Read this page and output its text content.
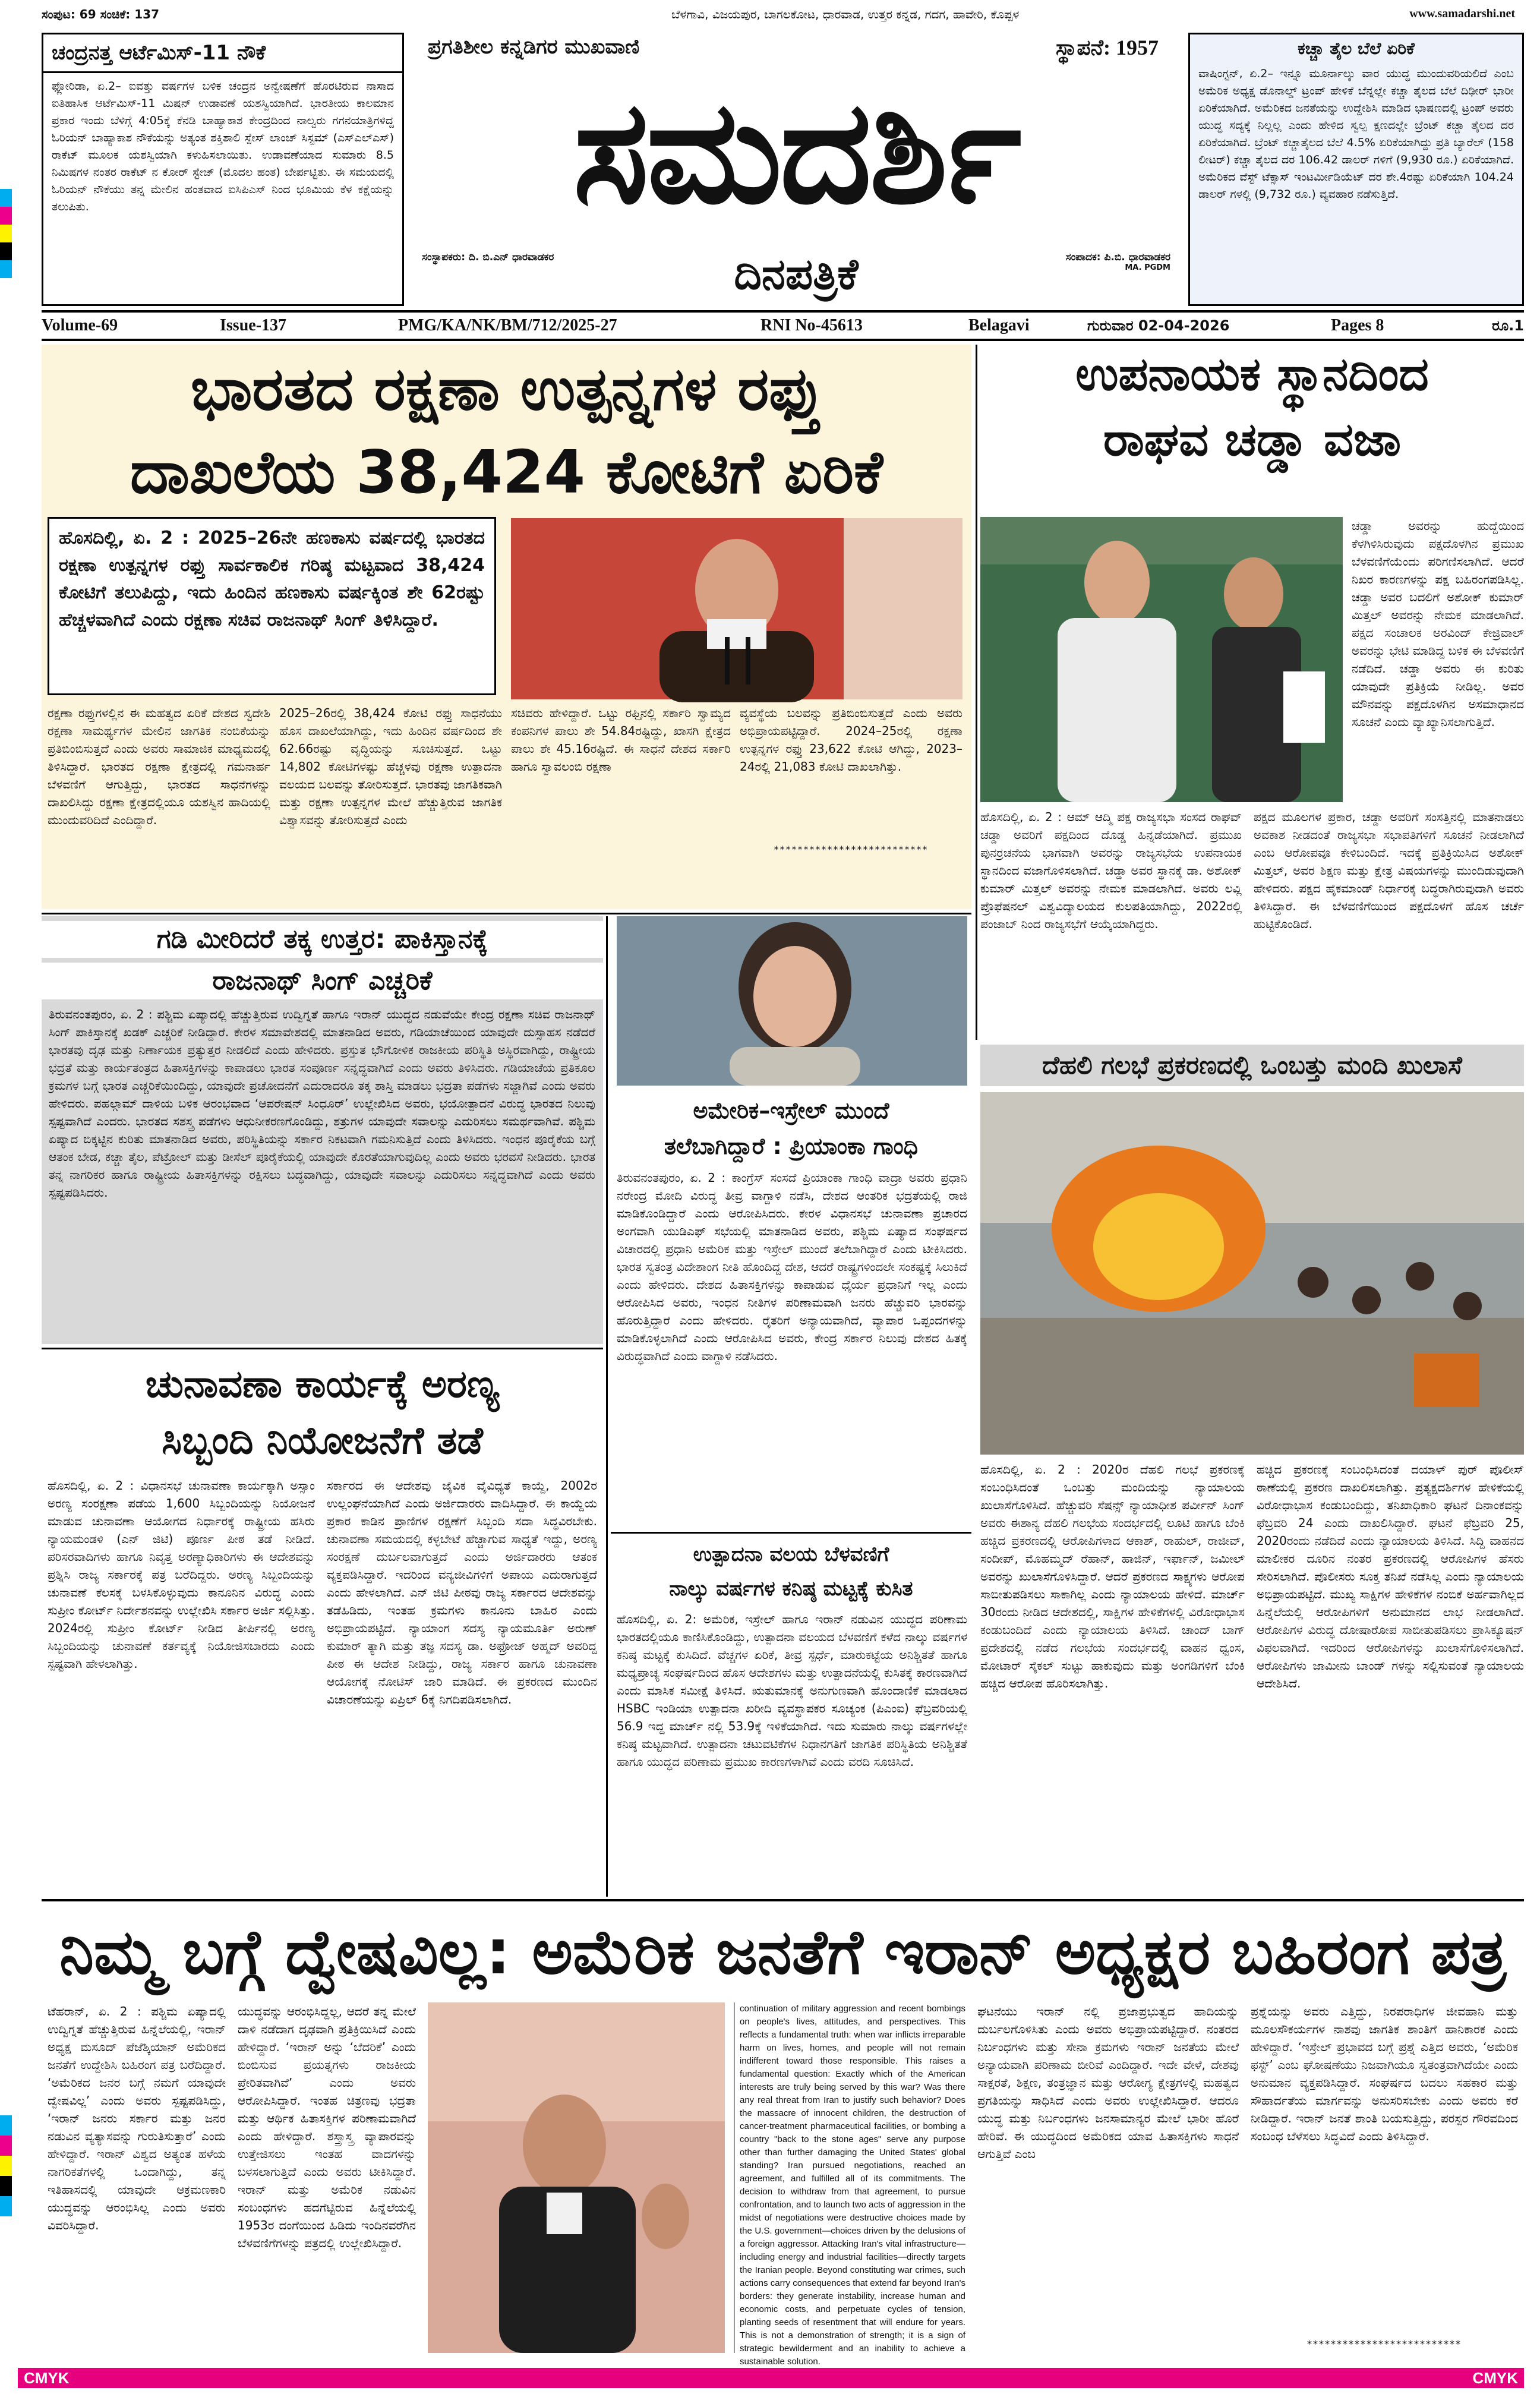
ಸಂಪುಟ: 69 ಸಂಚಿಕೆ: 137	ಬೆಳಗಾವಿ, ವಿಜಯಪುರ, ಬಾಗಲಕೋಟ, ಧಾರವಾಡ, ಉತ್ತರ ಕನ್ನಡ, ಗದಗ, ಹಾವೇರಿ, ಕೊಪ್ಪಳ	www.samadarshi.net
ಚಂದ್ರನತ್ತ ಆರ್ಟೆಮಿಸ್-11 ನೌಕೆ
ಫ್ಲೋರಿಡಾ, ಏ.2– ಐವತ್ತು ವರ್ಷಗಳ ಬಳಿಕ ಚಂದ್ರನ ಅನ್ವೇಷಣೆಗೆ ಹೊರಟಿರುವ ನಾಸಾದ ಐತಿಹಾಸಿಕ ಆರ್ಟೆಮಿಸ್-11 ಮಿಷನ್ ಉಡಾವಣೆ ಯಶಸ್ವಿಯಾಗಿದೆ. ಭಾರತೀಯ ಕಾಲಮಾನ ಪ್ರಕಾರ ಇಂದು ಬೆಳಿಗ್ಗೆ 4:05ಕ್ಕೆ ಕೆನಡಿ ಬಾಹ್ಯಾಕಾಶ ಕೇಂದ್ರದಿಂದ ನಾಲ್ವರು ಗಗನಯಾತ್ರಿಗಳಿದ್ದ ಓರಿಯನ್ ಬಾಹ್ಯಾಕಾಶ ನೌಕೆಯನ್ನು ಅತ್ಯಂತ ಶಕ್ತಿಶಾಲಿ ಸ್ಪೇಸ್ ಲಾಂಚ್ ಸಿಸ್ಟಮ್ (ಎಸ್ಎಲ್ಎಸ್) ರಾಕೆಟ್ ಮೂಲಕ ಯಶಸ್ವಿಯಾಗಿ ಕಳುಹಿಸಲಾಯಿತು. ಉಡಾವಣೆಯಾದ ಸುಮಾರು 8.5 ನಿಮಿಷಗಳ ನಂತರ ರಾಕೆಟ್ ನ ಕೋರ್ ಸ್ಟೇಜ್ (ಮೊದಲ ಹಂತ) ಬೇರ್ಪಟ್ಟಿತು. ಈ ಸಮಯದಲ್ಲಿ ಓರಿಯನ್ ನೌಕೆಯು ತನ್ನ ಮೇಲಿನ ಹಂತವಾದ ಐಸಿಪಿಎಸ್ ನಿಂದ ಭೂಮಿಯ ಕೆಳ ಕಕ್ಷೆಯನ್ನು ತಲುಪಿತು.
ಪ್ರಗತಿಶೀಲ ಕನ್ನಡಿಗರ ಮುಖವಾಣಿ	ಸ್ಥಾಪನೆ: 1957
ಸಮದರ್ಶಿ
ಸಂಸ್ಥಾಪಕರು: ದಿ. ಬಿ.ಎನ್ ಧಾರವಾಡಕರ	ದಿನಪತ್ರಿಕೆ	ಸಂಪಾದಕ: ಪಿ.ಬಿ. ಧಾರವಾಡಕರ
MA. PGDM
ಕಚ್ಚಾ ತೈಲ ಬೆಲೆ ಏರಿಕೆ
ವಾಷಿಂಗ್ಟನ್, ಏ.2– ಇನ್ನೂ ಮೂರ್ನಾಲ್ಕು ವಾರ ಯುದ್ಧ ಮುಂದುವರಿಯಲಿದೆ ಎಂಬ ಅಮೆರಿಕ ಅಧ್ಯಕ್ಷ ಡೊನಾಲ್ಡ್ ಟ್ರಂಪ್ ಹೇಳಿಕೆ ಬೆನ್ನಲ್ಲೇ ಕಚ್ಚಾ ತೈಲದ ಬೆಲೆ ದಿಢೀರ್ ಭಾರೀ ಏರಿಕೆಯಾಗಿದೆ. ಅಮೆರಿಕದ ಜನತೆಯನ್ನು ಉದ್ದೇಶಿಸಿ ಮಾಡಿದ ಭಾಷಣದಲ್ಲಿ ಟ್ರಂಪ್ ಅವರು ಯುದ್ಧ ಸದ್ಯಕ್ಕೆ ನಿಲ್ಲಲ್ಲ ಎಂದು ಹೇಳಿದ ಸ್ವಲ್ಪ ಕ್ಷಣದಲ್ಲೇ ಬ್ರೆಂಟ್ ಕಚ್ಚಾ ತೈಲದ ದರ ಏರಿಕೆಯಾಗಿದೆ. ಬ್ರೆಂಟ್ ಕಚ್ಚಾತೈಲದ ಬೆಲೆ 4.5% ಏರಿಕೆಯಾಗಿದ್ದು ಪ್ರತಿ ಬ್ಯಾರೆಲ್ (158 ಲೀಟರ್) ಕಚ್ಚಾ ತೈಲದ ದರ 106.42 ಡಾಲರ್ ಗಳಿಗೆ (9,930 ರೂ.) ಏರಿಕೆಯಾಗಿದೆ. ಅಮೆರಿಕದ ವೆಸ್ಟ್ ಟೆಕ್ಸಾಸ್ ಇಂಟರ್ಮೀಡಿಯೆಟ್ ದರ ಶೇ.4ರಷ್ಟು ಏರಿಕೆಯಾಗಿ 104.24 ಡಾಲರ್ ಗಳಲ್ಲಿ (9,732 ರೂ.) ವ್ಯವಹಾರ ನಡೆಸುತ್ತಿದೆ.
Volume-69	Issue-137	PMG/KA/NK/BM/712/2025-27	RNI No-45613	Belagavi	ಗುರುವಾರ 02-04-2026	Pages 8	ರೂ.1
ಭಾರತದ ರಕ್ಷಣಾ ಉತ್ಪನ್ನಗಳ ರಫ್ತು
ದಾಖಲೆಯ 38,424 ಕೋಟಿಗೆ ಏರಿಕೆ
ಹೊಸದಿಲ್ಲಿ, ಏ. 2 : 2025–26ನೇ ಹಣಕಾಸು ವರ್ಷದಲ್ಲಿ ಭಾರತದ ರಕ್ಷಣಾ ಉತ್ಪನ್ನಗಳ ರಫ್ತು ಸಾರ್ವಕಾಲಿಕ ಗರಿಷ್ಠ ಮಟ್ಟವಾದ 38,424 ಕೋಟಿಗೆ ತಲುಪಿದ್ದು, ಇದು ಹಿಂದಿನ ಹಣಕಾಸು ವರ್ಷಕ್ಕಿಂತ ಶೇ 62ರಷ್ಟು ಹೆಚ್ಚಳವಾಗಿದೆ ಎಂದು ರಕ್ಷಣಾ ಸಚಿವ ರಾಜನಾಥ್ ಸಿಂಗ್ ತಿಳಿಸಿದ್ದಾರೆ.
ರಕ್ಷಣಾ ರಫ್ತುಗಳಲ್ಲಿನ ಈ ಮಹತ್ವದ ಏರಿಕೆ ದೇಶದ ಸ್ವದೇಶಿ ರಕ್ಷಣಾ ಸಾಮರ್ಥ್ಯಗಳ ಮೇಲಿನ ಜಾಗತಿಕ ನಂಬಿಕೆಯನ್ನು ಪ್ರತಿಬಿಂಬಿಸುತ್ತದೆ ಎಂದು ಅವರು ಸಾಮಾಜಿಕ ಮಾಧ್ಯಮದಲ್ಲಿ ತಿಳಿಸಿದ್ದಾರೆ. ಭಾರತದ ರಕ್ಷಣಾ ಕ್ಷೇತ್ರದಲ್ಲಿ ಗಮನಾರ್ಹ ಬೆಳವಣಿಗೆ ಆಗುತ್ತಿದ್ದು, ಭಾರತದ ಸಾಧನೆಗಳನ್ನು ದಾಖಲಿಸಿದ್ದು ರಕ್ಷಣಾ ಕ್ಷೇತ್ರದಲ್ಲಿಯೂ ಯಶಸ್ವಿನ ಹಾದಿಯಲ್ಲಿ ಮುಂದುವರಿದಿದೆ ಎಂದಿದ್ದಾರೆ.
2025–26ರಲ್ಲಿ 38,424 ಕೋಟಿ ರಫ್ತು ಸಾಧನೆಯು ಹೊಸ ದಾಖಲೆಯಾಗಿದ್ದು, ಇದು ಹಿಂದಿನ ವರ್ಷದಿಂದ ಶೇ 62.66ರಷ್ಟು ವೃದ್ಧಿಯನ್ನು ಸೂಚಿಸುತ್ತದೆ. ಒಟ್ಟು 14,802 ಕೋಟಿಗಳಷ್ಟು ಹೆಚ್ಚಳವು ರಕ್ಷಣಾ ಉತ್ಪಾದನಾ ವಲಯದ ಬಲವನ್ನು ತೋರಿಸುತ್ತದೆ. ಭಾರತವು ಜಾಗತಿಕವಾಗಿ ಮತ್ತು ರಕ್ಷಣಾ ಉತ್ಪನ್ನಗಳ ಮೇಲೆ ಹೆಚ್ಚುತ್ತಿರುವ ಜಾಗತಿಕ ವಿಶ್ವಾಸವನ್ನು ತೋರಿಸುತ್ತದೆ ಎಂದು
ಸಚಿವರು ಹೇಳಿದ್ದಾರೆ. ಒಟ್ಟು ರಫ್ತಿನಲ್ಲಿ ಸರ್ಕಾರಿ ಸ್ವಾಮ್ಯದ ಕಂಪನಿಗಳ ಪಾಲು ಶೇ 54.84ರಷ್ಟಿದ್ದು, ಖಾಸಗಿ ಕ್ಷೇತ್ರದ ಪಾಲು ಶೇ 45.16ರಷ್ಟಿದೆ. ಈ ಸಾಧನೆ ದೇಶದ ಸರ್ಕಾರಿ ಹಾಗೂ ಸ್ವಾವಲಂಬಿ ರಕ್ಷಣಾ
ವ್ಯವಸ್ಥೆಯ ಬಲವನ್ನು ಪ್ರತಿಬಿಂಬಿಸುತ್ತದೆ ಎಂದು ಅವರು ಅಭಿಪ್ರಾಯಪಟ್ಟಿದ್ದಾರೆ. 2024–25ರಲ್ಲಿ ರಕ್ಷಣಾ ಉತ್ಪನ್ನಗಳ ರಫ್ತು 23,622 ಕೋಟಿ ಆಗಿದ್ದು, 2023–24ರಲ್ಲಿ 21,083 ಕೋಟಿ ದಾಖಲಾಗಿತ್ತು.
**************************
ಉಪನಾಯಕ ಸ್ಥಾನದಿಂದ
ರಾಘವ ಚಡ್ಡಾ ವಜಾ
ಚಡ್ಡಾ ಅವರನ್ನು ಹುದ್ದೆಯಿಂದ ಕೆಳಗಿಳಿಸಿರುವುದು ಪಕ್ಷದೊಳಗಿನ ಪ್ರಮುಖ ಬೆಳವಣಿಗೆಯೆಂದು ಪರಿಗಣಿಸಲಾಗಿದೆ. ಆದರೆ ನಿಖರ ಕಾರಣಗಳನ್ನು ಪಕ್ಷ ಬಹಿರಂಗಪಡಿಸಿಲ್ಲ. ಚಡ್ಡಾ ಅವರ ಬದಲಿಗೆ ಅಶೋಕ್ ಕುಮಾರ್ ಮಿತ್ತಲ್ ಅವರನ್ನು ನೇಮಕ ಮಾಡಲಾಗಿದೆ. ಪಕ್ಷದ ಸಂಚಾಲಕ ಅರವಿಂದ್ ಕೇಜ್ರಿವಾಲ್ ಅವರನ್ನು ಭೇಟಿ ಮಾಡಿದ್ದ ಬಳಿಕ ಈ ಬೆಳವಣಿಗೆ ನಡೆದಿದೆ. ಚಡ್ಡಾ ಅವರು ಈ ಕುರಿತು ಯಾವುದೇ ಪ್ರತಿಕ್ರಿಯೆ ನೀಡಿಲ್ಲ. ಅವರ ಮೌನವನ್ನು ಪಕ್ಷದೊಳಗಿನ ಅಸಮಾಧಾನದ ಸೂಚನೆ ಎಂದು ವ್ಯಾಖ್ಯಾನಿಸಲಾಗುತ್ತಿದೆ.
ಹೊಸದಿಲ್ಲಿ, ಏ. 2 : ಆಮ್ ಆದ್ಮಿ ಪಕ್ಷ ರಾಜ್ಯಸಭಾ ಸಂಸದ ರಾಘವ್ ಚಡ್ಡಾ ಅವರಿಗೆ ಪಕ್ಷದಿಂದ ದೊಡ್ಡ ಹಿನ್ನಡೆಯಾಗಿದೆ. ಪ್ರಮುಖ ಪುನರ್ರಚನೆಯ ಭಾಗವಾಗಿ ಅವರನ್ನು ರಾಜ್ಯಸಭೆಯ ಉಪನಾಯಕ ಸ್ಥಾನದಿಂದ ವಜಾಗೊಳಿಸಲಾಗಿದೆ. ಚಡ್ಡಾ ಅವರ ಸ್ಥಾನಕ್ಕೆ ಡಾ. ಅಶೋಕ್ ಕುಮಾರ್ ಮಿತ್ತಲ್ ಅವರನ್ನು ನೇಮಕ ಮಾಡಲಾಗಿದೆ. ಅವರು ಲವ್ಲಿ ಪ್ರೊಫೆಷನಲ್ ವಿಶ್ವವಿದ್ಯಾಲಯದ ಕುಲಪತಿಯಾಗಿದ್ದು, 2022ರಲ್ಲಿ ಪಂಜಾಬ್ ನಿಂದ ರಾಜ್ಯಸಭೆಗೆ ಆಯ್ಕೆಯಾಗಿದ್ದರು.
ಪಕ್ಷದ ಮೂಲಗಳ ಪ್ರಕಾರ, ಚಡ್ಡಾ ಅವರಿಗೆ ಸಂಸತ್ತಿನಲ್ಲಿ ಮಾತನಾಡಲು ಅವಕಾಶ ನೀಡದಂತೆ ರಾಜ್ಯಸಭಾ ಸಭಾಪತಿಗಳಿಗೆ ಸೂಚನೆ ನೀಡಲಾಗಿದೆ ಎಂಬ ಆರೋಪವೂ ಕೇಳಿಬಂದಿದೆ. ಇದಕ್ಕೆ ಪ್ರತಿಕ್ರಿಯಿಸಿದ ಅಶೋಕ್ ಮಿತ್ತಲ್, ಅವರ ಶಿಕ್ಷಣ ಮತ್ತು ಕ್ಷೇತ್ರ ವಿಷಯಗಳನ್ನು ಮುಂದಿಡುವುದಾಗಿ ಹೇಳಿದರು. ಪಕ್ಷದ ಹೈಕಮಾಂಡ್ ನಿರ್ಧಾರಕ್ಕೆ ಬದ್ಧರಾಗಿರುವುದಾಗಿ ಅವರು ತಿಳಿಸಿದ್ದಾರೆ. ಈ ಬೆಳವಣಿಗೆಯಿಂದ ಪಕ್ಷದೊಳಗೆ ಹೊಸ ಚರ್ಚೆ ಹುಟ್ಟಿಕೊಂಡಿದೆ.
ಗಡಿ ಮೀರಿದರೆ ತಕ್ಕ ಉತ್ತರ: ಪಾಕಿಸ್ತಾನಕ್ಕೆ
ರಾಜನಾಥ್ ಸಿಂಗ್ ಎಚ್ಚರಿಕೆ
ತಿರುವನಂತಪುರಂ, ಏ. 2 : ಪಶ್ಚಿಮ ಏಷ್ಯಾದಲ್ಲಿ ಹೆಚ್ಚುತ್ತಿರುವ ಉದ್ವಿಗ್ನತೆ ಹಾಗೂ ಇರಾನ್ ಯುದ್ಧದ ನಡುವೆಯೇ ಕೇಂದ್ರ ರಕ್ಷಣಾ ಸಚಿವ ರಾಜನಾಥ್ ಸಿಂಗ್ ಪಾಕಿಸ್ತಾನಕ್ಕೆ ಖಡಕ್ ಎಚ್ಚರಿಕೆ ನೀಡಿದ್ದಾರೆ. ಕೇರಳ ಸಮಾವೇಶದಲ್ಲಿ ಮಾತನಾಡಿದ ಅವರು, ಗಡಿಯಾಚೆಯಿಂದ ಯಾವುದೇ ದುಸ್ಸಾಹಸ ನಡೆದರೆ ಭಾರತವು ದೃಢ ಮತ್ತು ನಿರ್ಣಾಯಕ ಪ್ರತ್ಯುತ್ತರ ನೀಡಲಿದೆ ಎಂದು ಹೇಳಿದರು. ಪ್ರಸ್ತುತ ಭೌಗೋಳಿಕ ರಾಜಕೀಯ ಪರಿಸ್ಥಿತಿ ಅಸ್ಥಿರವಾಗಿದ್ದು, ರಾಷ್ಟ್ರೀಯ ಭದ್ರತೆ ಮತ್ತು ಕಾರ್ಯತಂತ್ರದ ಹಿತಾಸಕ್ತಿಗಳನ್ನು ಕಾಪಾಡಲು ಭಾರತ ಸಂಪೂರ್ಣ ಸನ್ನದ್ಧವಾಗಿದೆ ಎಂದು ಅವರು ತಿಳಿಸಿದರು. ಗಡಿಯಾಚೆಯ ಪ್ರತಿಕೂಲ ಕ್ರಮಗಳ ಬಗ್ಗೆ ಭಾರತ ಎಚ್ಚರಿಕೆಯಿಂದಿದ್ದು, ಯಾವುದೇ ಪ್ರಚೋದನೆಗೆ ಎದುರಾದರೂ ತಕ್ಕ ಶಾಸ್ತಿ ಮಾಡಲು ಭದ್ರತಾ ಪಡೆಗಳು ಸಜ್ಜಾಗಿವೆ ಎಂದು ಅವರು ಹೇಳಿದರು. ಪಹಲ್ಗಾಮ್ ದಾಳಿಯ ಬಳಿಕ ಆರಂಭವಾದ ‘ಆಪರೇಷನ್ ಸಿಂಧೂರ್’ ಉಲ್ಲೇಖಿಸಿದ ಅವರು, ಭಯೋತ್ಪಾದನೆ ವಿರುದ್ಧ ಭಾರತದ ನಿಲುವು ಸ್ಪಷ್ಟವಾಗಿದೆ ಎಂದರು. ಭಾರತದ ಸಶಸ್ತ್ರ ಪಡೆಗಳು ಆಧುನೀಕರಣಗೊಂಡಿದ್ದು, ಶತ್ರುಗಳ ಯಾವುದೇ ಸವಾಲನ್ನು ಎದುರಿಸಲು ಸಮರ್ಥವಾಗಿವೆ. ಪಶ್ಚಿಮ ಏಷ್ಯಾದ ಬಿಕ್ಕಟ್ಟಿನ ಕುರಿತು ಮಾತನಾಡಿದ ಅವರು, ಪರಿಸ್ಥಿತಿಯನ್ನು ಸರ್ಕಾರ ನಿಕಟವಾಗಿ ಗಮನಿಸುತ್ತಿದೆ ಎಂದು ತಿಳಿಸಿದರು. ಇಂಧನ ಪೂರೈಕೆಯ ಬಗ್ಗೆ ಆತಂಕ ಬೇಡ, ಕಚ್ಚಾ ತೈಲ, ಪೆಟ್ರೋಲ್ ಮತ್ತು ಡೀಸೆಲ್ ಪೂರೈಕೆಯಲ್ಲಿ ಯಾವುದೇ ಕೊರತೆಯಾಗುವುದಿಲ್ಲ ಎಂದು ಅವರು ಭರವಸೆ ನೀಡಿದರು. ಭಾರತ ತನ್ನ ನಾಗರಿಕರ ಹಾಗೂ ರಾಷ್ಟ್ರೀಯ ಹಿತಾಸಕ್ತಿಗಳನ್ನು ರಕ್ಷಿಸಲು ಬದ್ಧವಾಗಿದ್ದು, ಯಾವುದೇ ಸವಾಲನ್ನು ಎದುರಿಸಲು ಸನ್ನದ್ಧವಾಗಿದೆ ಎಂದು ಅವರು ಸ್ಪಷ್ಟಪಡಿಸಿದರು.
ಅಮೇರಿಕ–ಇಸ್ರೇಲ್ ಮುಂದೆ
ತಲೆಬಾಗಿದ್ದಾರೆ : ಪ್ರಿಯಾಂಕಾ ಗಾಂಧಿ
ತಿರುವನಂತಪುರಂ, ಏ. 2 : ಕಾಂಗ್ರೆಸ್ ಸಂಸದೆ ಪ್ರಿಯಾಂಕಾ ಗಾಂಧಿ ವಾದ್ರಾ ಅವರು ಪ್ರಧಾನಿ ನರೇಂದ್ರ ಮೋದಿ ವಿರುದ್ಧ ತೀವ್ರ ವಾಗ್ದಾಳಿ ನಡೆಸಿ, ದೇಶದ ಆಂತರಿಕ ಭದ್ರತೆಯಲ್ಲಿ ರಾಜಿ ಮಾಡಿಕೊಂಡಿದ್ದಾರೆ ಎಂದು ಆರೋಪಿಸಿದರು. ಕೇರಳ ವಿಧಾನಸಭೆ ಚುನಾವಣಾ ಪ್ರಚಾರದ ಅಂಗವಾಗಿ ಯುಡಿಎಫ್ ಸಭೆಯಲ್ಲಿ ಮಾತನಾಡಿದ ಅವರು, ಪಶ್ಚಿಮ ಏಷ್ಯಾದ ಸಂಘರ್ಷದ ವಿಚಾರದಲ್ಲಿ ಪ್ರಧಾನಿ ಅಮೆರಿಕ ಮತ್ತು ಇಸ್ರೇಲ್ ಮುಂದೆ ತಲೆಬಾಗಿದ್ದಾರೆ ಎಂದು ಟೀಕಿಸಿದರು. ಭಾರತ ಸ್ವತಂತ್ರ ವಿದೇಶಾಂಗ ನೀತಿ ಹೊಂದಿದ್ದ ದೇಶ, ಆದರೆ ರಾಷ್ಟ್ರಗಳಿಂದಲೇ ಸಂಕಷ್ಟಕ್ಕೆ ಸಿಲುಕಿದೆ ಎಂದು ಹೇಳಿದರು. ದೇಶದ ಹಿತಾಸಕ್ತಿಗಳನ್ನು ಕಾಪಾಡುವ ಧೈರ್ಯ ಪ್ರಧಾನಿಗೆ ಇಲ್ಲ ಎಂದು ಆರೋಪಿಸಿದ ಅವರು, ಇಂಧನ ನೀತಿಗಳ ಪರಿಣಾಮವಾಗಿ ಜನರು ಹೆಚ್ಚುವರಿ ಭಾರವನ್ನು ಹೊರುತ್ತಿದ್ದಾರೆ ಎಂದು ಹೇಳಿದರು. ರೈತರಿಗೆ ಅನ್ಯಾಯವಾಗಿದೆ, ವ್ಯಾಪಾರ ಒಪ್ಪಂದಗಳನ್ನು ಮಾಡಿಕೊಳ್ಳಲಾಗಿದೆ ಎಂದು ಆರೋಪಿಸಿದ ಅವರು, ಕೇಂದ್ರ ಸರ್ಕಾರ ನಿಲುವು ದೇಶದ ಹಿತಕ್ಕೆ ವಿರುದ್ಧವಾಗಿದೆ ಎಂದು ವಾಗ್ದಾಳಿ ನಡೆಸಿದರು.
ದೆಹಲಿ ಗಲಭೆ ಪ್ರಕರಣದಲ್ಲಿ ಒಂಬತ್ತು ಮಂದಿ ಖುಲಾಸೆ
ಹೊಸದಿಲ್ಲಿ, ಏ. 2 : 2020ರ ದೆಹಲಿ ಗಲಭೆ ಪ್ರಕರಣಕ್ಕೆ ಸಂಬಂಧಿಸಿದಂತೆ ಒಂಬತ್ತು ಮಂದಿಯನ್ನು ನ್ಯಾಯಾಲಯ ಖುಲಾಸೆಗೊಳಿಸಿದೆ. ಹೆಚ್ಚುವರಿ ಸೆಷನ್ಸ್ ನ್ಯಾಯಾಧೀಶ ಪರ್ವೀನ್ ಸಿಂಗ್ ಅವರು ಈಶಾನ್ಯ ದೆಹಲಿ ಗಲಭೆಯ ಸಂದರ್ಭದಲ್ಲಿ ಲೂಟಿ ಹಾಗೂ ಬೆಂಕಿ ಹಚ್ಚಿದ ಪ್ರಕರಣದಲ್ಲಿ ಆರೋಪಿಗಳಾದ ಆಕಾಶ್, ರಾಹುಲ್, ರಾಜೀವ್, ಸಂದೀಪ್, ಮೊಹಮ್ಮದ್ ರೆಹಾನ್, ಹಾಜಿನ್, ಇರ್ಫಾನ್, ಜಮೀಲ್ ಅವರನ್ನು ಖುಲಾಸೆಗೊಳಿಸಿದ್ದಾರೆ. ಆದರೆ ಪ್ರಕರಣದ ಸಾಕ್ಷ್ಯಗಳು ಆರೋಪ ಸಾಬೀತುಪಡಿಸಲು ಸಾಕಾಗಿಲ್ಲ ಎಂದು ನ್ಯಾಯಾಲಯ ಹೇಳಿದೆ. ಮಾರ್ಚ್ 30ರಂದು ನೀಡಿದ ಆದೇಶದಲ್ಲಿ, ಸಾಕ್ಷಿಗಳ ಹೇಳಿಕೆಗಳಲ್ಲಿ ವಿರೋಧಾಭಾಸ ಕಂಡುಬಂದಿದೆ ಎಂದು ನ್ಯಾಯಾಲಯ ತಿಳಿಸಿದೆ. ಚಾಂದ್ ಬಾಗ್ ಪ್ರದೇಶದಲ್ಲಿ ನಡೆದ ಗಲಭೆಯ ಸಂದರ್ಭದಲ್ಲಿ ವಾಹನ ಧ್ವಂಸ, ಮೋಟಾರ್ ಸೈಕಲ್ ಸುಟ್ಟು ಹಾಕುವುದು ಮತ್ತು ಅಂಗಡಿಗಳಿಗೆ ಬೆಂಕಿ ಹಚ್ಚಿದ ಆರೋಪ ಹೊರಿಸಲಾಗಿತ್ತು.
ಹಚ್ಚಿದ ಪ್ರಕರಣಕ್ಕೆ ಸಂಬಂಧಿಸಿದಂತೆ ದಯಾಳ್ ಪುರ್ ಪೊಲೀಸ್ ಠಾಣೆಯಲ್ಲಿ ಪ್ರಕರಣ ದಾಖಲಿಸಲಾಗಿತ್ತು. ಪ್ರತ್ಯಕ್ಷದರ್ಶಿಗಳ ಹೇಳಿಕೆಯಲ್ಲಿ ವಿರೋಧಾಭಾಸ ಕಂಡುಬಂದಿದ್ದು, ತನಿಖಾಧಿಕಾರಿ ಘಟನೆ ದಿನಾಂಕವನ್ನು ಫೆಬ್ರವರಿ 24 ಎಂದು ದಾಖಲಿಸಿದ್ದಾರೆ. ಘಟನೆ ಫೆಬ್ರವರಿ 25, 2020ರಂದು ನಡೆದಿದೆ ಎಂದು ನ್ಯಾಯಾಲಯ ತಿಳಿಸಿದೆ. ಸಿದ್ದಿ ವಾಹನದ ಮಾಲೀಕರ ದೂರಿನ ನಂತರ ಪ್ರಕರಣದಲ್ಲಿ ಆರೋಪಿಗಳ ಹೆಸರು ಸೇರಿಸಲಾಗಿದೆ. ಪೊಲೀಸರು ಸೂಕ್ತ ತನಿಖೆ ನಡೆಸಿಲ್ಲ ಎಂದು ನ್ಯಾಯಾಲಯ ಅಭಿಪ್ರಾಯಪಟ್ಟಿದೆ. ಮುಖ್ಯ ಸಾಕ್ಷಿಗಳ ಹೇಳಿಕೆಗಳ ನಂಬಿಕೆ ಅರ್ಹವಾಗಿಲ್ಲದ ಹಿನ್ನೆಲೆಯಲ್ಲಿ ಆರೋಪಿಗಳಿಗೆ ಅನುಮಾನದ ಲಾಭ ನೀಡಲಾಗಿದೆ. ಆರೋಪಿಗಳ ವಿರುದ್ಧ ದೋಷಾರೋಪ ಸಾಬೀತುಪಡಿಸಲು ಪ್ರಾಸಿಕ್ಯೂಷನ್ ವಿಫಲವಾಗಿದೆ. ಇದರಿಂದ ಆರೋಪಿಗಳನ್ನು ಖುಲಾಸೆಗೊಳಿಸಲಾಗಿದೆ. ಆರೋಪಿಗಳು ಜಾಮೀನು ಬಾಂಡ್ ಗಳನ್ನು ಸಲ್ಲಿಸುವಂತೆ ನ್ಯಾಯಾಲಯ ಆದೇಶಿಸಿದೆ.
ಚುನಾವಣಾ ಕಾರ್ಯಕ್ಕೆ ಅರಣ್ಯ
ಸಿಬ್ಬಂದಿ ನಿಯೋಜನೆಗೆ ತಡೆ
ಹೊಸದಿಲ್ಲಿ, ಏ. 2 : ವಿಧಾನಸಭೆ ಚುನಾವಣಾ ಕಾರ್ಯಕ್ಕಾಗಿ ಅಸ್ಸಾಂ ಅರಣ್ಯ ಸಂರಕ್ಷಣಾ ಪಡೆಯ 1,600 ಸಿಬ್ಬಂದಿಯನ್ನು ನಿಯೋಜನೆ ಮಾಡುವ ಚುನಾವಣಾ ಆಯೋಗದ ನಿರ್ಧಾರಕ್ಕೆ ರಾಷ್ಟ್ರೀಯ ಹಸಿರು ನ್ಯಾಯಮಂಡಳಿ (ಎನ್ ಜಿಟಿ) ಪೂರ್ಣ ಪೀಠ ತಡೆ ನೀಡಿದೆ. ಪರಿಸರವಾದಿಗಳು ಹಾಗೂ ನಿವೃತ್ತ ಅರಣ್ಯಾಧಿಕಾರಿಗಳು ಈ ಆದೇಶವನ್ನು ಪ್ರಶ್ನಿಸಿ ರಾಜ್ಯ ಸರ್ಕಾರಕ್ಕೆ ಪತ್ರ ಬರೆದಿದ್ದರು. ಅರಣ್ಯ ಸಿಬ್ಬಂದಿಯನ್ನು ಚುನಾವಣೆ ಕೆಲಸಕ್ಕೆ ಬಳಸಿಕೊಳ್ಳುವುದು ಕಾನೂನಿನ ವಿರುದ್ಧ ಎಂದು ಸುಪ್ರೀಂ ಕೋರ್ಟ್ ನಿರ್ದೇಶನವನ್ನು ಉಲ್ಲೇಖಿಸಿ ಸರ್ಕಾರ ಅರ್ಜಿ ಸಲ್ಲಿಸಿತ್ತು. 2024ರಲ್ಲಿ ಸುಪ್ರೀಂ ಕೋರ್ಟ್ ನೀಡಿದ ತೀರ್ಪಿನಲ್ಲಿ ಅರಣ್ಯ ಸಿಬ್ಬಂದಿಯನ್ನು ಚುನಾವಣೆ ಕರ್ತವ್ಯಕ್ಕೆ ನಿಯೋಜಿಸಬಾರದು ಎಂದು ಸ್ಪಷ್ಟವಾಗಿ ಹೇಳಲಾಗಿತ್ತು.
ಸರ್ಕಾರದ ಈ ಆದೇಶವು ಜೈವಿಕ ವೈವಿಧ್ಯತೆ ಕಾಯ್ದೆ, 2002ರ ಉಲ್ಲಂಘನೆಯಾಗಿದೆ ಎಂದು ಅರ್ಜಿದಾರರು ವಾದಿಸಿದ್ದಾರೆ. ಈ ಕಾಯ್ದೆಯ ಪ್ರಕಾರ ಕಾಡಿನ ಪ್ರಾಣಿಗಳ ರಕ್ಷಣೆಗೆ ಸಿಬ್ಬಂದಿ ಸದಾ ಸಿದ್ಧವಿರಬೇಕು. ಚುನಾವಣಾ ಸಮಯದಲ್ಲಿ ಕಳ್ಳಬೇಟೆ ಹೆಚ್ಚಾಗುವ ಸಾಧ್ಯತೆ ಇದ್ದು, ಅರಣ್ಯ ಸಂರಕ್ಷಣೆ ದುರ್ಬಲವಾಗುತ್ತದೆ ಎಂದು ಅರ್ಜಿದಾರರು ಆತಂಕ ವ್ಯಕ್ತಪಡಿಸಿದ್ದಾರೆ. ಇದರಿಂದ ವನ್ಯಜೀವಿಗಳಿಗೆ ಅಪಾಯ ಎದುರಾಗುತ್ತದೆ ಎಂದು ಹೇಳಲಾಗಿದೆ. ಎನ್ ಜಿಟಿ ಪೀಠವು ರಾಜ್ಯ ಸರ್ಕಾರದ ಆದೇಶವನ್ನು ತಡೆಹಿಡಿದು, ಇಂತಹ ಕ್ರಮಗಳು ಕಾನೂನು ಬಾಹಿರ ಎಂದು ಅಭಿಪ್ರಾಯಪಟ್ಟಿದೆ. ನ್ಯಾಯಾಂಗ ಸದಸ್ಯ ನ್ಯಾಯಮೂರ್ತಿ ಅರುಣ್ ಕುಮಾರ್ ತ್ಯಾಗಿ ಮತ್ತು ತಜ್ಞ ಸದಸ್ಯ ಡಾ. ಅಫ್ರೋಜ್ ಅಹ್ಮದ್ ಅವರಿದ್ದ ಪೀಠ ಈ ಆದೇಶ ನೀಡಿದ್ದು, ರಾಜ್ಯ ಸರ್ಕಾರ ಹಾಗೂ ಚುನಾವಣಾ ಆಯೋಗಕ್ಕೆ ನೋಟಿಸ್ ಜಾರಿ ಮಾಡಿದೆ. ಈ ಪ್ರಕರಣದ ಮುಂದಿನ ವಿಚಾರಣೆಯನ್ನು ಏಪ್ರಿಲ್ 6ಕ್ಕೆ ನಿಗದಿಪಡಿಸಲಾಗಿದೆ.
ಉತ್ಪಾದನಾ ವಲಯ ಬೆಳವಣಿಗೆ
ನಾಲ್ಕು ವರ್ಷಗಳ ಕನಿಷ್ಠ ಮಟ್ಟಕ್ಕೆ ಕುಸಿತ
ಹೊಸದಿಲ್ಲಿ, ಏ. 2: ಅಮೆರಿಕ, ಇಸ್ರೇಲ್ ಹಾಗೂ ಇರಾನ್ ನಡುವಿನ ಯುದ್ಧದ ಪರಿಣಾಮ ಭಾರತದಲ್ಲಿಯೂ ಕಾಣಿಸಿಕೊಂಡಿದ್ದು, ಉತ್ಪಾದನಾ ವಲಯದ ಬೆಳವಣಿಗೆ ಕಳೆದ ನಾಲ್ಕು ವರ್ಷಗಳ ಕನಿಷ್ಠ ಮಟ್ಟಕ್ಕೆ ಕುಸಿದಿದೆ. ವೆಚ್ಚಗಳ ಏರಿಕೆ, ತೀವ್ರ ಸ್ಪರ್ಧೆ, ಮಾರುಕಟ್ಟೆಯ ಅನಿಶ್ಚಿತತೆ ಹಾಗೂ ಮಧ್ಯಪ್ರಾಚ್ಯ ಸಂಘರ್ಷದಿಂದ ಹೊಸ ಆದೇಶಗಳು ಮತ್ತು ಉತ್ಪಾದನೆಯಲ್ಲಿ ಕುಸಿತಕ್ಕೆ ಕಾರಣವಾಗಿದೆ ಎಂದು ಮಾಸಿಕ ಸಮೀಕ್ಷೆ ತಿಳಿಸಿದೆ. ಋತುಮಾನಕ್ಕೆ ಅನುಗುಣವಾಗಿ ಹೊಂದಾಣಿಕೆ ಮಾಡಲಾದ HSBC ಇಂಡಿಯಾ ಉತ್ಪಾದನಾ ಖರೀದಿ ವ್ಯವಸ್ಥಾಪಕರ ಸೂಚ್ಯಂಕ (ಪಿಎಂಐ) ಫೆಬ್ರವರಿಯಲ್ಲಿ 56.9 ಇದ್ದ ಮಾರ್ಚ್ ನಲ್ಲಿ 53.9ಕ್ಕೆ ಇಳಿಕೆಯಾಗಿದೆ. ಇದು ಸುಮಾರು ನಾಲ್ಕು ವರ್ಷಗಳಲ್ಲೇ ಕನಿಷ್ಠ ಮಟ್ಟವಾಗಿದೆ. ಉತ್ಪಾದನಾ ಚಟುವಟಿಕೆಗಳ ನಿಧಾನಗತಿಗೆ ಜಾಗತಿಕ ಪರಿಸ್ಥಿತಿಯ ಅನಿಶ್ಚಿತತೆ ಹಾಗೂ ಯುದ್ಧದ ಪರಿಣಾಮ ಪ್ರಮುಖ ಕಾರಣಗಳಾಗಿವೆ ಎಂದು ವರದಿ ಸೂಚಿಸಿದೆ.
ನಿಮ್ಮ ಬಗ್ಗೆ ದ್ವೇಷವಿಲ್ಲ: ಅಮೆರಿಕ ಜನತೆಗೆ ಇರಾನ್ ಅಧ್ಯಕ್ಷರ ಬಹಿರಂಗ ಪತ್ರ
ಟೆಹರಾನ್, ಏ. 2 : ಪಶ್ಚಿಮ ಏಷ್ಯಾದಲ್ಲಿ ಉದ್ವಿಗ್ನತೆ ಹೆಚ್ಚುತ್ತಿರುವ ಹಿನ್ನೆಲೆಯಲ್ಲಿ, ಇರಾನ್ ಅಧ್ಯಕ್ಷ ಮಸೂದ್ ಪೆಜೆಶ್ಕಿಯಾನ್ ಅಮೆರಿಕದ ಜನತೆಗೆ ಉದ್ದೇಶಿಸಿ ಬಹಿರಂಗ ಪತ್ರ ಬರೆದಿದ್ದಾರೆ. ‘ಅಮೆರಿಕದ ಜನರ ಬಗ್ಗೆ ನಮಗೆ ಯಾವುದೇ ದ್ವೇಷವಿಲ್ಲ’ ಎಂದು ಅವರು ಸ್ಪಷ್ಟಪಡಿಸಿದ್ದು, ‘ಇರಾನ್ ಜನರು ಸರ್ಕಾರ ಮತ್ತು ಜನರ ನಡುವಿನ ವ್ಯತ್ಯಾಸವನ್ನು ಗುರುತಿಸುತ್ತಾರೆ’ ಎಂದು ಹೇಳಿದ್ದಾರೆ. ಇರಾನ್ ವಿಶ್ವದ ಅತ್ಯಂತ ಹಳೆಯ ನಾಗರಿಕತೆಗಳಲ್ಲಿ ಒಂದಾಗಿದ್ದು, ತನ್ನ ಇತಿಹಾಸದಲ್ಲಿ ಯಾವುದೇ ಆಕ್ರಮಣಕಾರಿ ಯುದ್ಧವನ್ನು ಆರಂಭಿಸಿಲ್ಲ ಎಂದು ಅವರು ವಿವರಿಸಿದ್ದಾರೆ.
ಯುದ್ಧವನ್ನು ಆರಂಭಿಸಿದ್ದಲ್ಲ, ಆದರೆ ತನ್ನ ಮೇಲೆ ದಾಳಿ ನಡೆದಾಗ ದೃಢವಾಗಿ ಪ್ರತಿಕ್ರಿಯಿಸಿದೆ ಎಂದು ಹೇಳಿದ್ದಾರೆ. ‘ಇರಾನ್ ಅನ್ನು ‘ಬೆದರಿಕೆ’ ಎಂದು ಬಿಂಬಿಸುವ ಪ್ರಯತ್ನಗಳು ರಾಜಕೀಯ ಪ್ರೇರಿತವಾಗಿವೆ’ ಎಂದು ಅವರು ಆರೋಪಿಸಿದ್ದಾರೆ. ಇಂತಹ ಚಿತ್ರಣವು ಭದ್ರತಾ ಮತ್ತು ಆರ್ಥಿಕ ಹಿತಾಸಕ್ತಿಗಳ ಪರಿಣಾಮವಾಗಿದೆ ಎಂದು ಹೇಳಿದ್ದಾರೆ. ಶಸ್ತ್ರಾಸ್ತ್ರ ವ್ಯಾಪಾರವನ್ನು ಉತ್ತೇಜಿಸಲು ಇಂತಹ ವಾದಗಳನ್ನು ಬಳಸಲಾಗುತ್ತಿದೆ ಎಂದು ಅವರು ಟೀಕಿಸಿದ್ದಾರೆ. ಇರಾನ್ ಮತ್ತು ಅಮೆರಿಕ ನಡುವಿನ ಸಂಬಂಧಗಳು ಹದಗೆಟ್ಟಿರುವ ಹಿನ್ನೆಲೆಯಲ್ಲಿ 1953ರ ದಂಗೆಯಿಂದ ಹಿಡಿದು ಇಂದಿನವರೆಗಿನ ಬೆಳವಣಿಗೆಗಳನ್ನು ಪತ್ರದಲ್ಲಿ ಉಲ್ಲೇಖಿಸಿದ್ದಾರೆ.
continuation of military aggression and recent bombings on people's lives, attitudes, and perspectives. This reflects a fundamental truth: when war inflicts irreparable harm on lives, homes, and people will not remain indifferent toward those responsible. This raises a fundamental question: Exactly which of the American interests are truly being served by this war? Was there any real threat from Iran to justify such behavior? Does the massacre of innocent children, the destruction of cancer-treatment pharmaceutical facilities, or bombing a country "back to the stone ages" serve any purpose other than further damaging the United States' global standing? Iran pursued negotiations, reached an agreement, and fulfilled all of its commitments. The decision to withdraw from that agreement, to pursue confrontation, and to launch two acts of aggression in the midst of negotiations were destructive choices made by the U.S. government—choices driven by the delusions of a foreign aggressor. Attacking Iran's vital infrastructure—including energy and industrial facilities—directly targets the Iranian people. Beyond constituting war crimes, such actions carry consequences that extend far beyond Iran's borders: they generate instability, increase human and economic costs, and perpetuate cycles of tension, planting seeds of resentment that will endure for years. This is not a demonstration of strength; it is a sign of strategic bewilderment and an inability to achieve a sustainable solution.
ಘಟನೆಯು ಇರಾನ್ ನಲ್ಲಿ ಪ್ರಜಾಪ್ರಭುತ್ವದ ಹಾದಿಯನ್ನು ದುರ್ಬಲಗೊಳಿಸಿತು ಎಂದು ಅವರು ಅಭಿಪ್ರಾಯಪಟ್ಟಿದ್ದಾರೆ. ನಂತರದ ನಿರ್ಬಂಧಗಳು ಮತ್ತು ಸೇನಾ ಕ್ರಮಗಳು ಇರಾನ್ ಜನತೆಯ ಮೇಲೆ ಅನ್ಯಾಯವಾಗಿ ಪರಿಣಾಮ ಬೀರಿವೆ ಎಂದಿದ್ದಾರೆ. ಇದೇ ವೇಳೆ, ದೇಶವು ಸಾಕ್ಷರತೆ, ಶಿಕ್ಷಣ, ತಂತ್ರಜ್ಞಾನ ಮತ್ತು ಆರೋಗ್ಯ ಕ್ಷೇತ್ರಗಳಲ್ಲಿ ಮಹತ್ವದ ಪ್ರಗತಿಯನ್ನು ಸಾಧಿಸಿದೆ ಎಂದು ಅವರು ಉಲ್ಲೇಖಿಸಿದ್ದಾರೆ. ಆದರೂ ಯುದ್ಧ ಮತ್ತು ನಿರ್ಬಂಧಗಳು ಜನಸಾಮಾನ್ಯರ ಮೇಲೆ ಭಾರೀ ಹೊರೆ ಹೇರಿವೆ. ಈ ಯುದ್ಧದಿಂದ ಅಮೆರಿಕದ ಯಾವ ಹಿತಾಸಕ್ತಿಗಳು ಸಾಧನೆ ಆಗುತ್ತಿವೆ ಎಂಬ
ಪ್ರಶ್ನೆಯನ್ನು ಅವರು ಎತ್ತಿದ್ದು, ನಿರಪರಾಧಿಗಳ ಜೀವಹಾನಿ ಮತ್ತು ಮೂಲಸೌಕರ್ಯಗಳ ನಾಶವು ಜಾಗತಿಕ ಶಾಂತಿಗೆ ಹಾನಿಕಾರಕ ಎಂದು ಹೇಳಿದ್ದಾರೆ. ‘ಇಸ್ರೇಲ್ ಪ್ರಭಾವದ ಬಗ್ಗೆ ಪ್ರಶ್ನೆ ಎತ್ತಿದ ಅವರು, ‘ಅಮೆರಿಕ ಫಸ್ಟ್’ ಎಂಬ ಘೋಷಣೆಯು ನಿಜವಾಗಿಯೂ ಸ್ವತಂತ್ರವಾಗಿದೆಯೇ ಎಂದು ಅನುಮಾನ ವ್ಯಕ್ತಪಡಿಸಿದ್ದಾರೆ. ಸಂಘರ್ಷದ ಬದಲು ಸಹಕಾರ ಮತ್ತು ಸೌಹಾರ್ದತೆಯ ಮಾರ್ಗವನ್ನು ಅನುಸರಿಸಬೇಕು ಎಂದು ಅವರು ಕರೆ ನೀಡಿದ್ದಾರೆ. ಇರಾನ್ ಜನತೆ ಶಾಂತಿ ಬಯಸುತ್ತಿದ್ದು, ಪರಸ್ಪರ ಗೌರವದಿಂದ ಸಂಬಂಧ ಬೆಳೆಸಲು ಸಿದ್ಧವಿದೆ ಎಂದು ತಿಳಿಸಿದ್ದಾರೆ.
**************************
CMYK	CMYK
